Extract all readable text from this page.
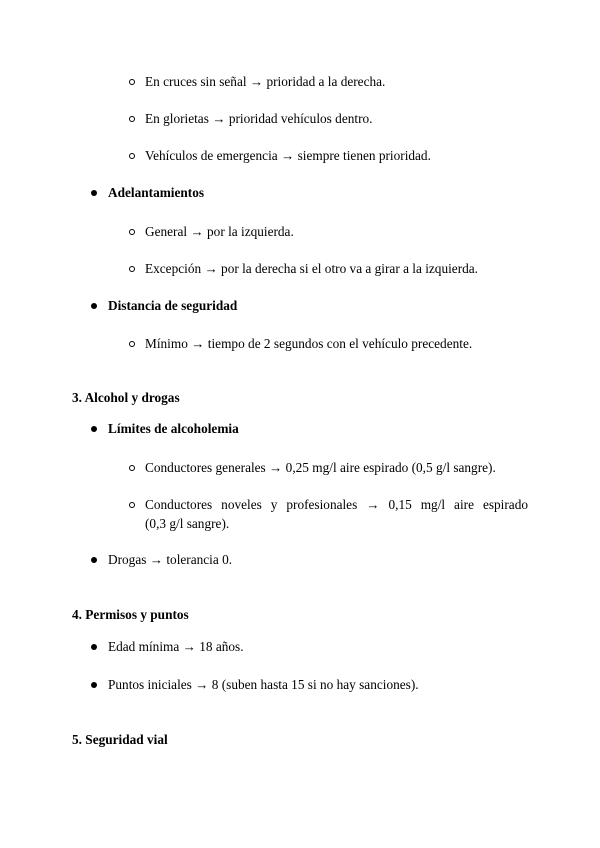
En cruces sin señal → prioridad a la derecha.
En glorietas → prioridad vehículos dentro.
Vehículos de emergencia → siempre tienen prioridad.
Adelantamientos
General → por la izquierda.
Excepción → por la derecha si el otro va a girar a la izquierda.
Distancia de seguridad
Mínimo → tiempo de 2 segundos con el vehículo precedente.
3. Alcohol y drogas
Límites de alcoholemia
Conductores generales → 0,25 mg/l aire espirado (0,5 g/l sangre).
Conductores noveles y profesionales → 0,15 mg/l aire espirado
(0,3 g/l sangre).
Drogas → tolerancia 0.
4. Permisos y puntos
Edad mínima → 18 años.
Puntos iniciales → 8 (suben hasta 15 si no hay sanciones).
5. Seguridad vial
